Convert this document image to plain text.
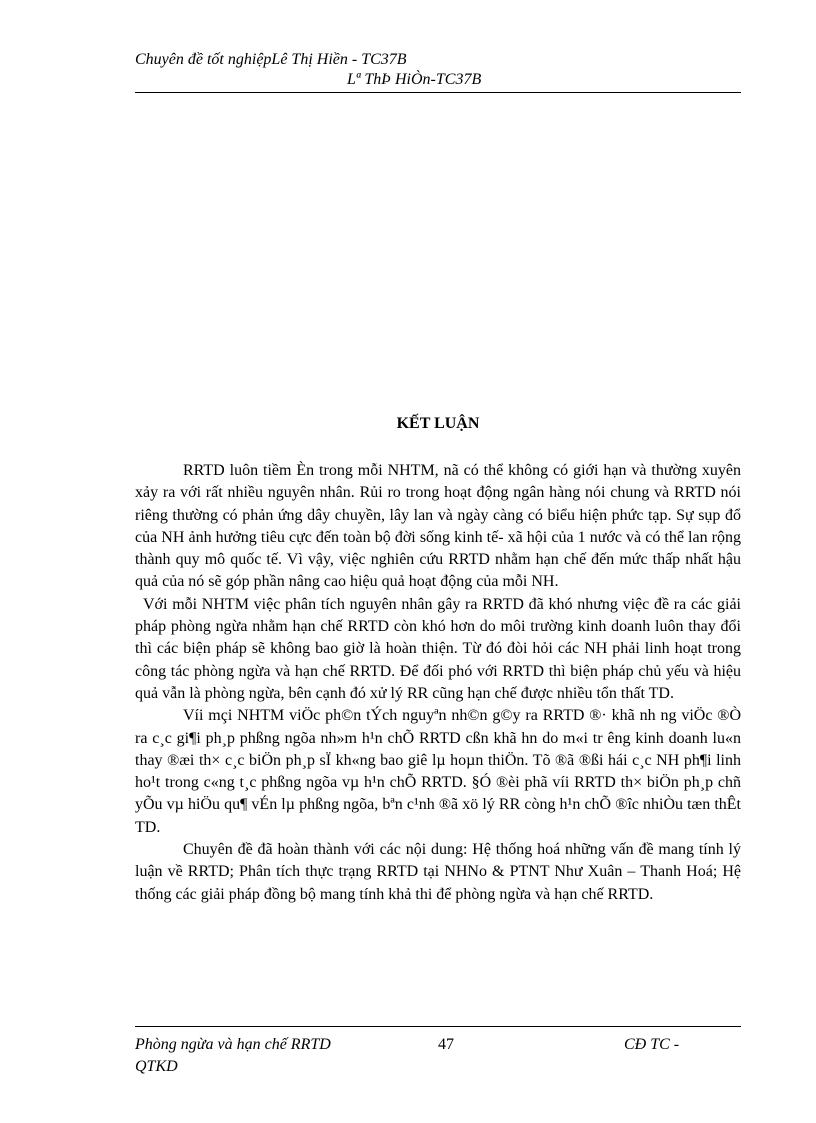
Chuyên đề tốt nghiệpLê Thị Hiền - TC37B
Lª ThÞ HiÒn-TC37B
KẾT LUẬN

RRTD luôn tiềm Èn trong mỗi NHTM, nã có thể không có giới hạn và thường xuyên xảy ra với rất nhiều nguyên nhân. Rủi ro trong hoạt động ngân hàng nói chung và RRTD nói riêng thường có phản ứng dây chuyền, lây lan và ngày càng có biểu hiện phức tạp. Sự sụp đổ của NH ảnh hưởng tiêu cực đến toàn bộ đời sống kinh tế- xã hội của 1 nước và có thể lan rộng thành quy mô quốc tế. Vì vậy, việc nghiên cứu RRTD nhằm hạn chế đến mức thấp nhất hậu quả của nó sẽ góp phần nâng cao hiệu quả hoạt động của mỗi NH.

Với mỗi NHTM việc phân tích nguyên nhân gây ra RRTD đã khó nhưng việc đề ra các giải pháp phòng ngừa nhằm hạn chế RRTD còn khó hơn do môi trường kinh doanh luôn thay đổi thì các biện pháp sẽ không bao giờ là hoàn thiện. Từ đó đòi hỏi các NH phải linh hoạt trong công tác phòng ngừa và hạn chế RRTD. Để đối phó với RRTD thì biện pháp chủ yếu và hiệu quả vẫn là phòng ngừa, bên cạnh đó xử lý RR cũng hạn chế được nhiều tổn thất TD.

Víi mçi NHTM viÖc ph©n tÝch nguyªn nh©n g©y ra RRTD ®· khã nh ng viÖc ®Ò ra c¸c gi¶i ph¸p phßng ngõa nh»m h¹n chÕ RRTD cßn khã hn do m«i tr êng kinh doanh lu«n thay ®æi th× c¸c biÖn ph¸p sÏ kh«ng bao giê lµ hoµn thiÖn. Tõ ®ã ®ßi hái c¸c NH ph¶i linh ho¹t trong c«ng t¸c phßng ngõa vµ h¹n chÕ RRTD. §Ó ®èi phã víi RRTD th× biÖn ph¸p chñ yÕu vµ hiÖu qu¶ vÉn lµ phßng ngõa, bªn c¹nh ®ã xö lý RR còng h¹n chÕ ®îc nhiÒu tæn thÊt TD.

Chuyên đề đã hoàn thành với các nội dung: Hệ thống hoá những vấn đề mang tính lý luận về RRTD; Phân tích thực trạng RRTD tại NHNo & PTNT Như Xuân – Thanh Hoá; Hệ thống các giải pháp đồng bộ mang tính khả thi để phòng ngừa và hạn chế RRTD.

Phòng ngừa và hạn chế RRTD	47	CĐ TC -
QTKD
